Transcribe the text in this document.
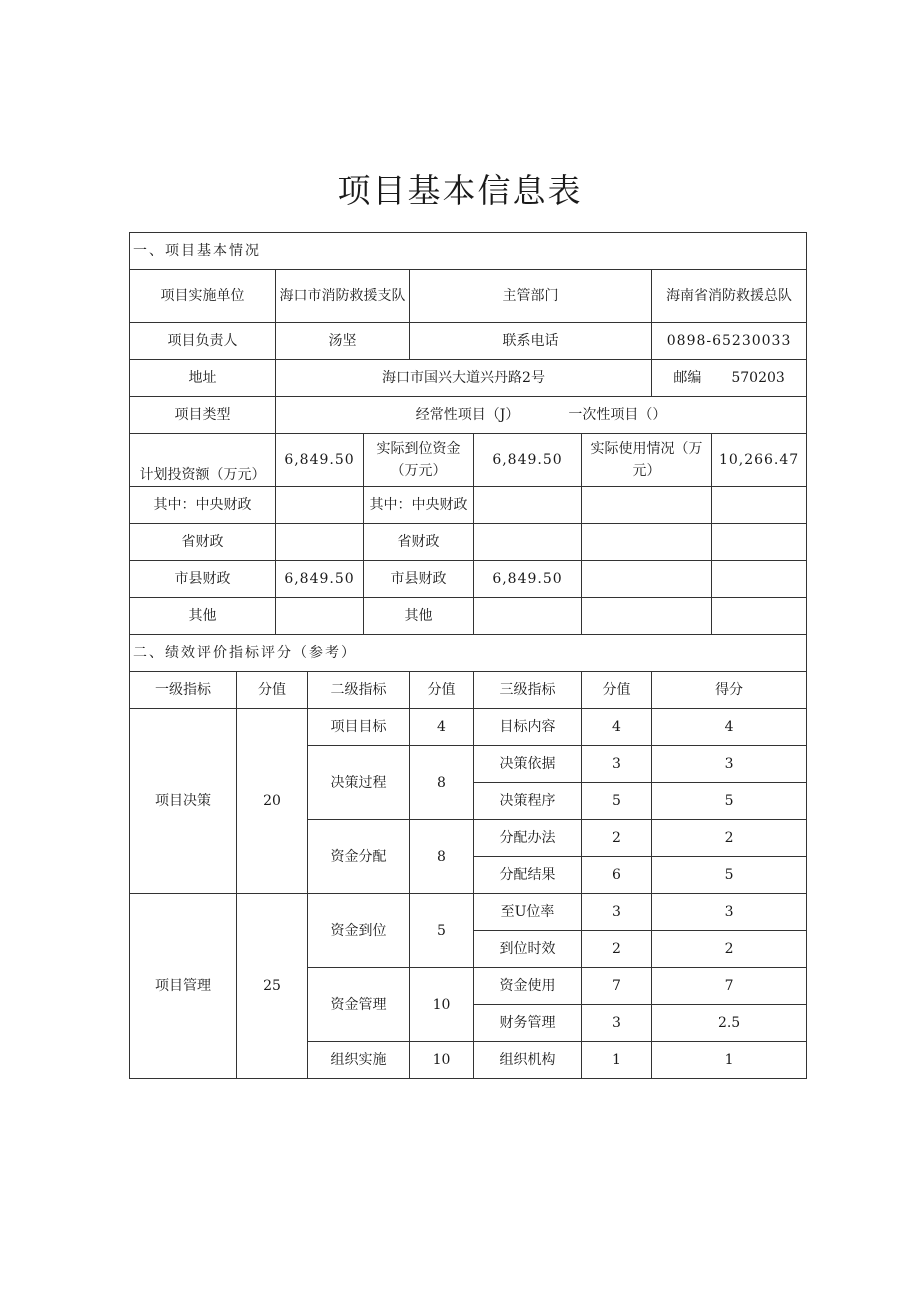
项目基本信息表
一、项目基本情况									
项目实施单位		海口市消防救援支队			主管部门			海南省消防救援总队	
项目负责人		汤坚			联系电话			0898-65230033	
地址		海口市国兴大道兴丹路2号						邮编 570203	
项目类型		经常性项目（J）　　　　一次性项目（）							
计划投资额（万元）		6,849.50		实际到位资金（万元）		6,849.50	实际使用情况（万元）		10,266.47
其中：中央财政				其中：中央财政					
省财政				省财政					
市县财政		6,849.50		市县财政		6,849.50			
其他				其他					
二、绩效评价指标评分（参考）									
一级指标	分值		二级指标		分值	三级指标	分值	得分	
项目决策	20		项目目标		4	目标内容	4	4	
			决策过程		8	决策依据	3	3	
						决策程序	5	5	
			资金分配		8	分配办法	2	2	
						分配结果	6	5	
项目管理	25		资金到位		5	至U位率	3	3	
						到位时效	2	2	
			资金管理		10	资金使用	7	7	
						财务管理	3	2.5	
			组织实施		10	组织机构	1	1	
